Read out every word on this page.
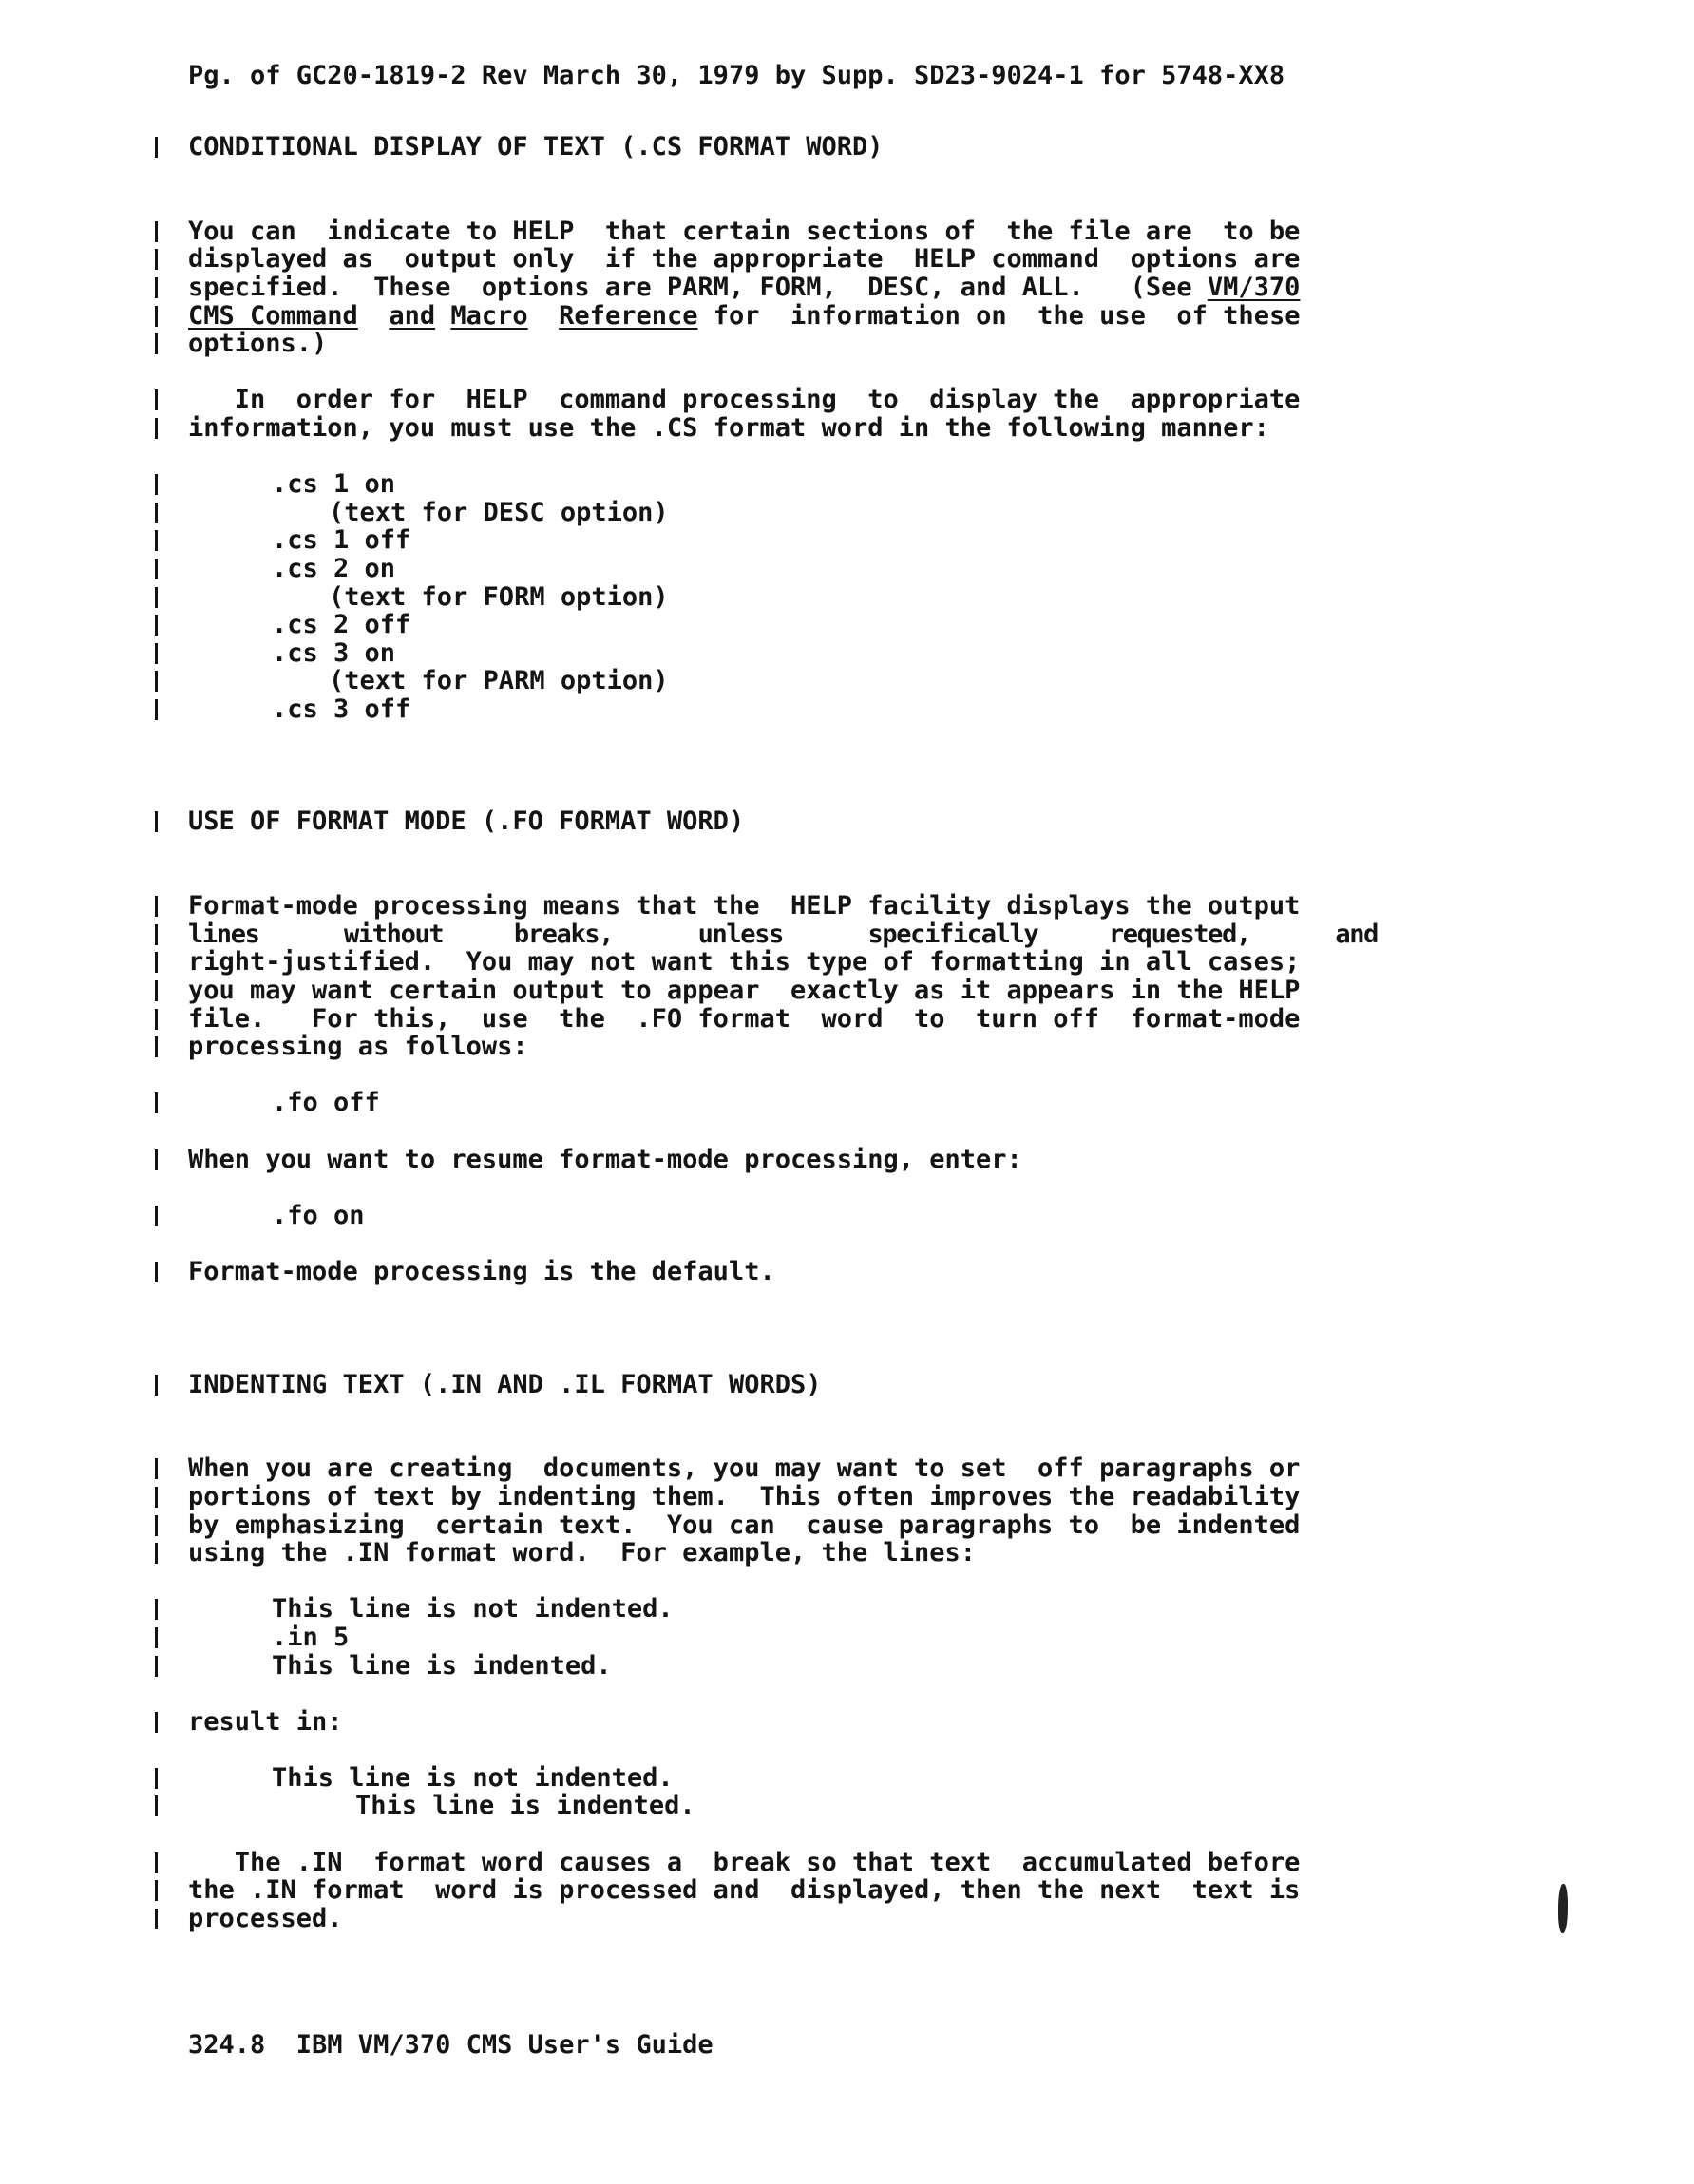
Pg. of GC20-1819-2 Rev March 30, 1979 by Supp. SD23-9024-1 for 5748-XX8
CONDITIONAL DISPLAY OF TEXT (.CS FORMAT WORD)
You can  indicate to HELP  that certain sections of  the file are  to be
displayed as  output only  if the appropriate  HELP command  options are
specified.  These  options are PARM, FORM,  DESC, and ALL.   (See VM/370
CMS Command and Macro Reference for  information on  the use  of these
options.)
In  order for  HELP  command processing  to  display the  appropriate
information, you must use the .CS format word in the following manner:
.cs 1 on
(text for DESC option)
.cs 1 off
.cs 2 on
(text for FORM option)
.cs 2 off
.cs 3 on
(text for PARM option)
.cs 3 off
USE OF FORMAT MODE (.FO FORMAT WORD)
Format-mode processing means that the  HELP facility displays the output
lines      without     breaks,      unless      specifically     requested,      and
right-justified.  You may not want this type of formatting in all cases;
you may want certain output to appear  exactly as it appears in the HELP
file.   For this,  use  the  .FO format  word  to  turn off  format-mode
processing as follows:
.fo off
When you want to resume format-mode processing, enter:
.fo on
Format-mode processing is the default.
INDENTING TEXT (.IN AND .IL FORMAT WORDS)
When you are creating  documents, you may want to set  off paragraphs or
portions of text by indenting them.  This often improves the readability
by emphasizing  certain text.  You can  cause paragraphs to  be indented
using the .IN format word.  For example, the lines:
This line is not indented.
.in 5
This line is indented.
result in:
This line is not indented.
This line is indented.
The .IN  format word causes a  break so that text  accumulated before
the .IN format  word is processed and  displayed, then the next  text is
processed.
324.8  IBM VM/370 CMS User's Guide
